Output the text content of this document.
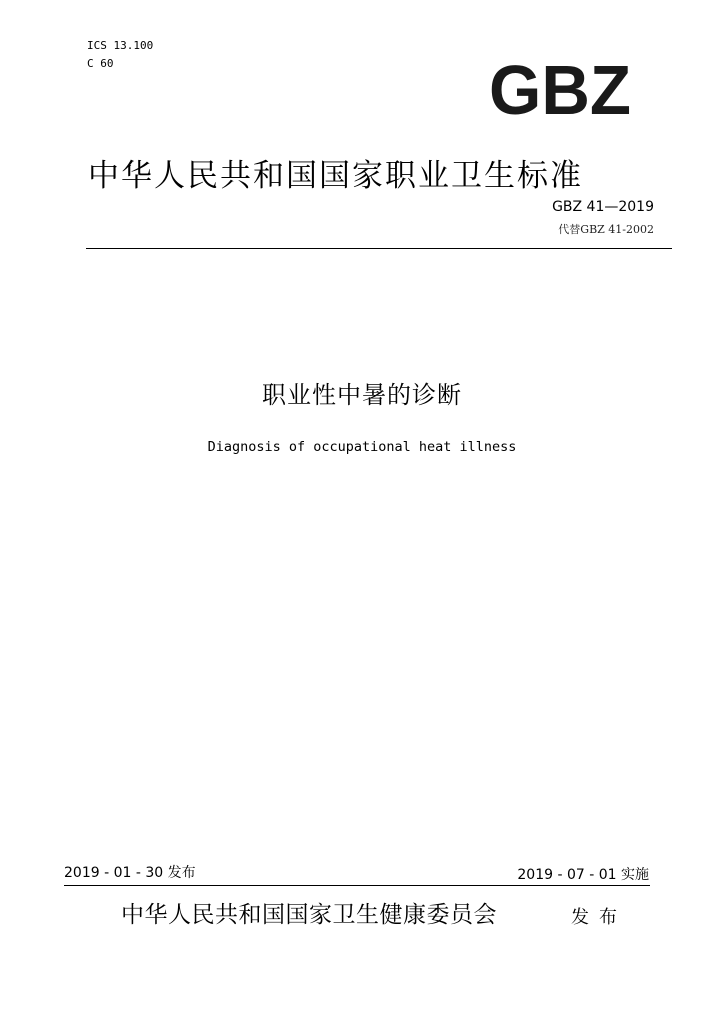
ICS 13.100
C 60	GBZ
中华人民共和国国家职业卫生标准
GBZ 41—2019
代替GBZ 41-2002
职业性中暑的诊断
Diagnosis of occupational heat illness
2019 - 01 - 30 发布	2019 - 07 - 01 实施
中华人民共和国国家卫生健康委员会	发布
